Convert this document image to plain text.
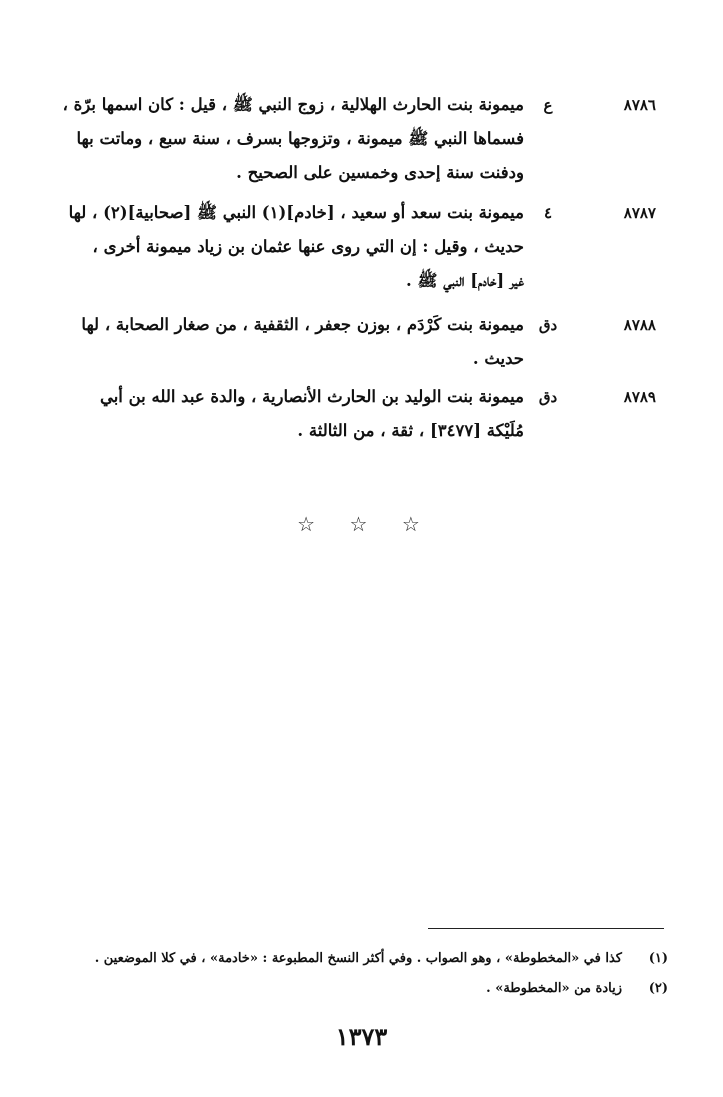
٨٧٨٦
ع
ميمونة بنت الحارث الهلالية ، زوج النبي ﷺ ، قيل : كان اسمها برّة ،
فسماها النبي ﷺ ميمونة ، وتزوجها بسرف ، سنة سبع ، وماتت بها
ودفنت سنة إحدى وخمسين على الصحيح .
٨٧٨٧
٤
ميمونة بنت سعد أو سعيد ، [خادم](١) النبي ﷺ [صحابية](٢) ، لها
حديث ، وقيل : إن التي روى عنها عثمان بن زياد ميمونة أخرى ،
غير [خادم] النبي ﷺ .
٨٧٨٨
دق
ميمونة بنت كَرْدَم ، بوزن جعفر ، الثقفية ، من صغار الصحابة ، لها
حديث .
٨٧٨٩
دق
ميمونة بنت الوليد بن الحارث الأنصارية ، والدة عبد الله بن أبي
مُلَيْكة [٣٤٧٧] ، ثقة ، من الثالثة .
☆ ☆ ☆
(١)
كذا في «المخطوطة» ، وهو الصواب . وفي أكثر النسخ المطبوعة : «خادمة» ، في كلا الموضعين .
(٢)
زيادة من «المخطوطة» .
١٣٧٣
